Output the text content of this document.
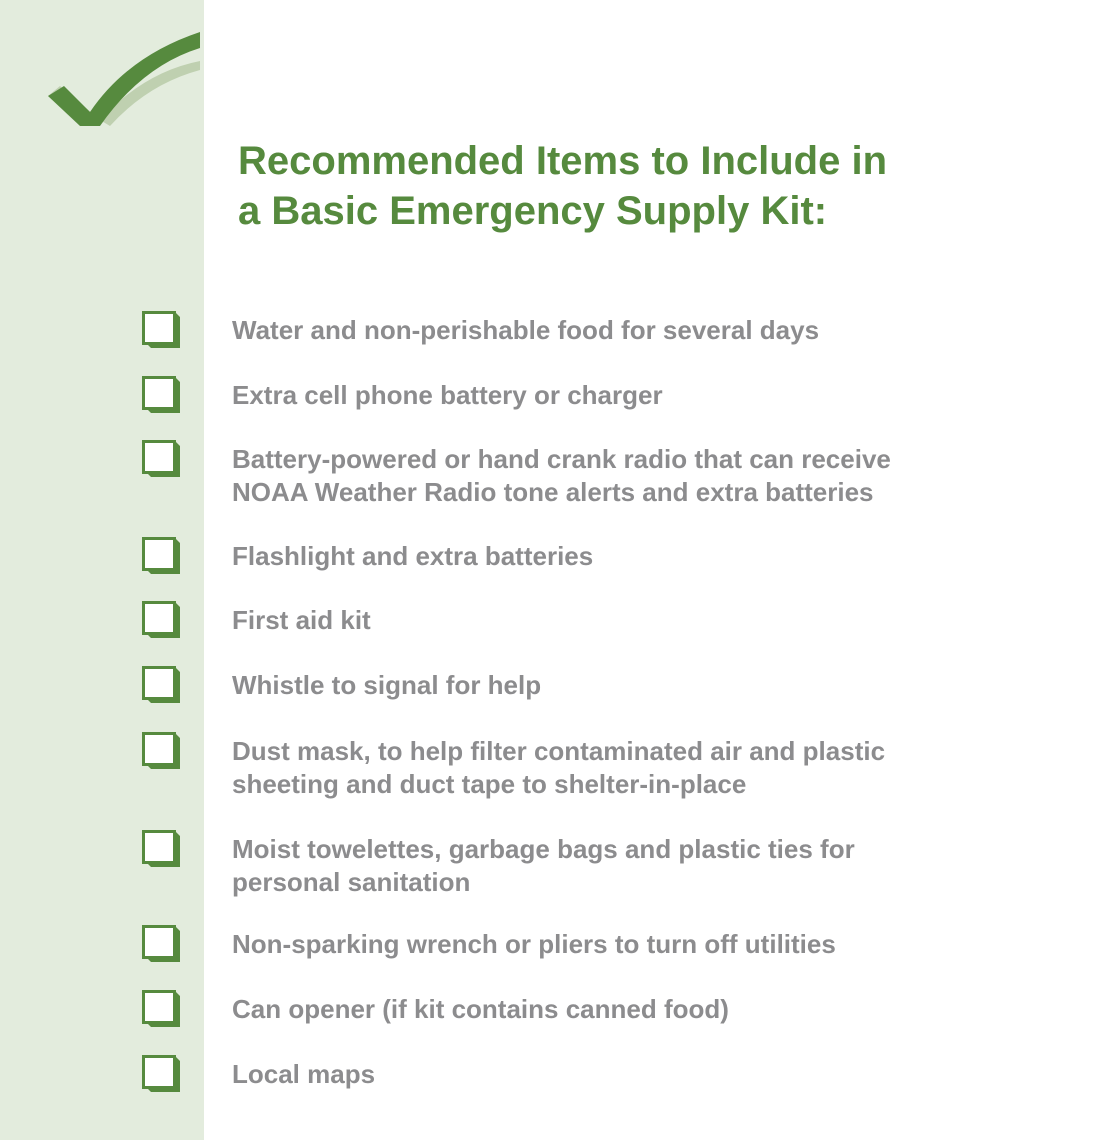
Recommended Items to Include in
a Basic Emergency Supply Kit:
Water and non-perishable food for several days
Extra cell phone battery or charger
Battery-powered or hand crank radio that can receive
NOAA Weather Radio tone alerts and extra batteries
Flashlight and extra batteries
First aid kit
Whistle to signal for help
Dust mask, to help filter contaminated air and plastic
sheeting and duct tape to shelter-in-place
Moist towelettes, garbage bags and plastic ties for
personal sanitation
Non-sparking wrench or pliers to turn off utilities
Can opener (if kit contains canned food)
Local maps
